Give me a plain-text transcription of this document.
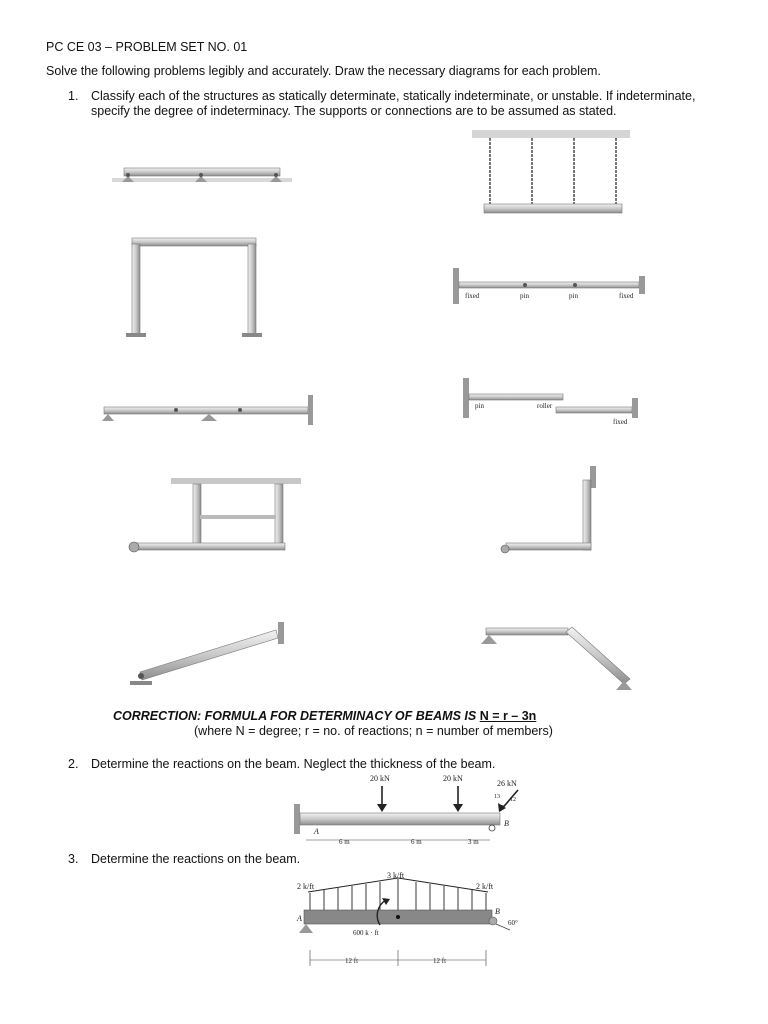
PC CE 03 – PROBLEM SET NO. 01
Solve the following problems legibly and accurately. Draw the necessary diagrams for each problem.
1. Classify each of the structures as statically determinate, statically indeterminate, or unstable. If indeterminate,
specify the degree of indeterminacy. The supports or connections are to be assumed as stated.
CORRECTION: FORMULA FOR DETERMINACY OF BEAMS IS N = r – 3n
(where N = degree; r = no. of reactions; n = number of members)
2. Determine the reactions on the beam. Neglect the thickness of the beam.
3. Determine the reactions on the beam.
fixed	pin	pin	fixed
pin	roller
fixed
20 kN	20 kN
26 kN
13 12
5
A
B
6 m	6 m	3 m
3 k/ft
2 k/ft	2 k/ft
A
B
600 k · ft
60°
12 ft	12 ft
